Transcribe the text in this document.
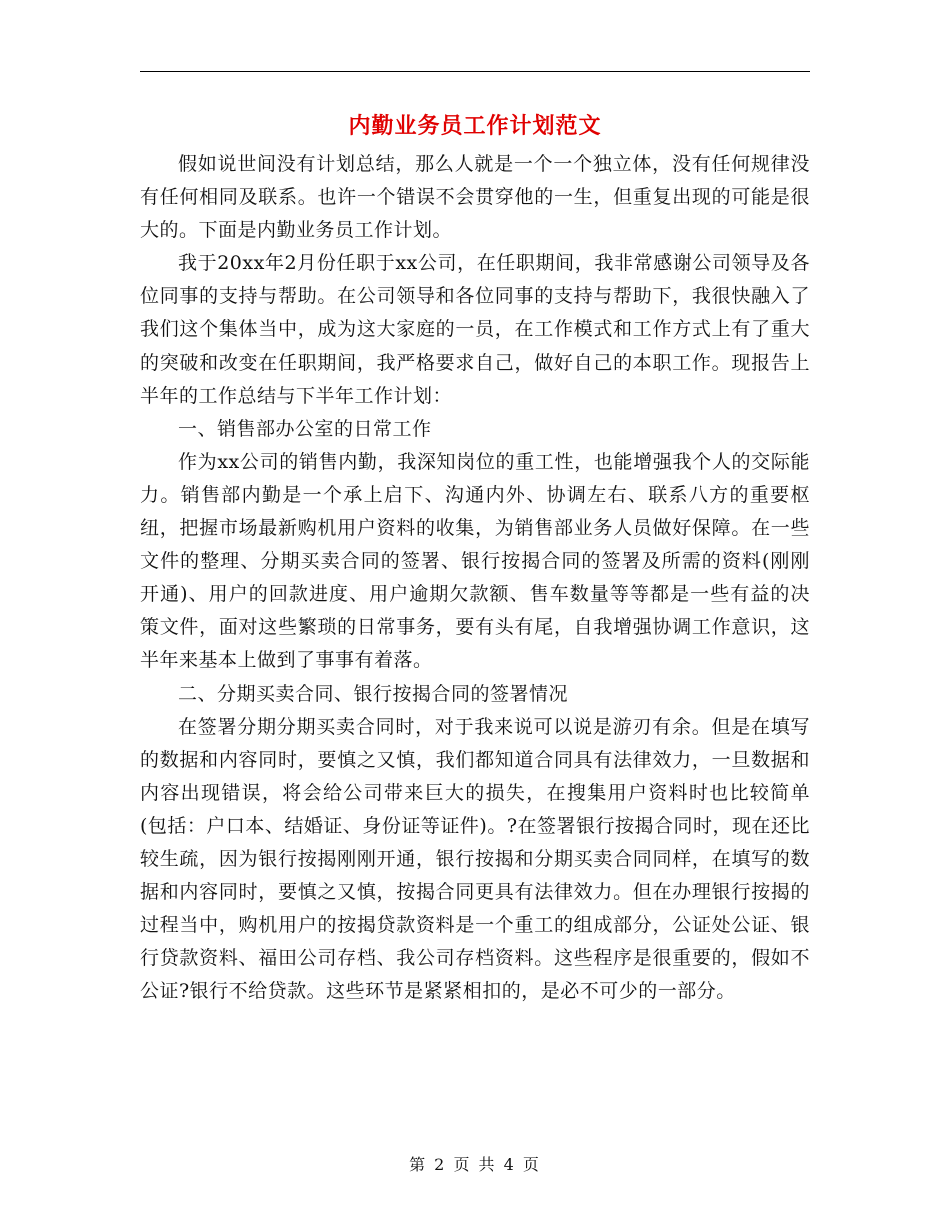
内勤业务员工作计划范文

假如说世间没有计划总结，那么人就是一个一个独立体，没有任何规律没有任何相同及联系。也许一个错误不会贯穿他的一生，但重复出现的可能是很大的。下面是内勤业务员工作计划。

我于20xx年2月份任职于xx公司，在任职期间，我非常感谢公司领导及各位同事的支持与帮助。在公司领导和各位同事的支持与帮助下，我很快融入了我们这个集体当中，成为这大家庭的一员，在工作模式和工作方式上有了重大的突破和改变在任职期间，我严格要求自己，做好自己的本职工作。现报告上半年的工作总结与下半年工作计划：

一、销售部办公室的日常工作

作为xx公司的销售内勤，我深知岗位的重工性，也能增强我个人的交际能力。销售部内勤是一个承上启下、沟通内外、协调左右、联系八方的重要枢纽，把握市场最新购机用户资料的收集，为销售部业务人员做好保障。在一些文件的整理、分期买卖合同的签署、银行按揭合同的签署及所需的资料(刚刚开通)、用户的回款进度、用户逾期欠款额、售车数量等等都是一些有益的决策文件，面对这些繁琐的日常事务，要有头有尾，自我增强协调工作意识，这半年来基本上做到了事事有着落。

二、分期买卖合同、银行按揭合同的签署情况

在签署分期分期买卖合同时，对于我来说可以说是游刃有余。但是在填写的数据和内容同时，要慎之又慎，我们都知道合同具有法律效力，一旦数据和内容出现错误，将会给公司带来巨大的损失，在搜集用户资料时也比较简单(包括：户口本、结婚证、身份证等证件)。?在签署银行按揭合同时，现在还比较生疏，因为银行按揭刚刚开通，银行按揭和分期买卖合同同样，在填写的数据和内容同时，要慎之又慎，按揭合同更具有法律效力。但在办理银行按揭的过程当中，购机用户的按揭贷款资料是一个重工的组成部分，公证处公证、银行贷款资料、福田公司存档、我公司存档资料。这些程序是很重要的，假如不公证?银行不给贷款。这些环节是紧紧相扣的，是必不可少的一部分。

第 2 页 共 4 页
